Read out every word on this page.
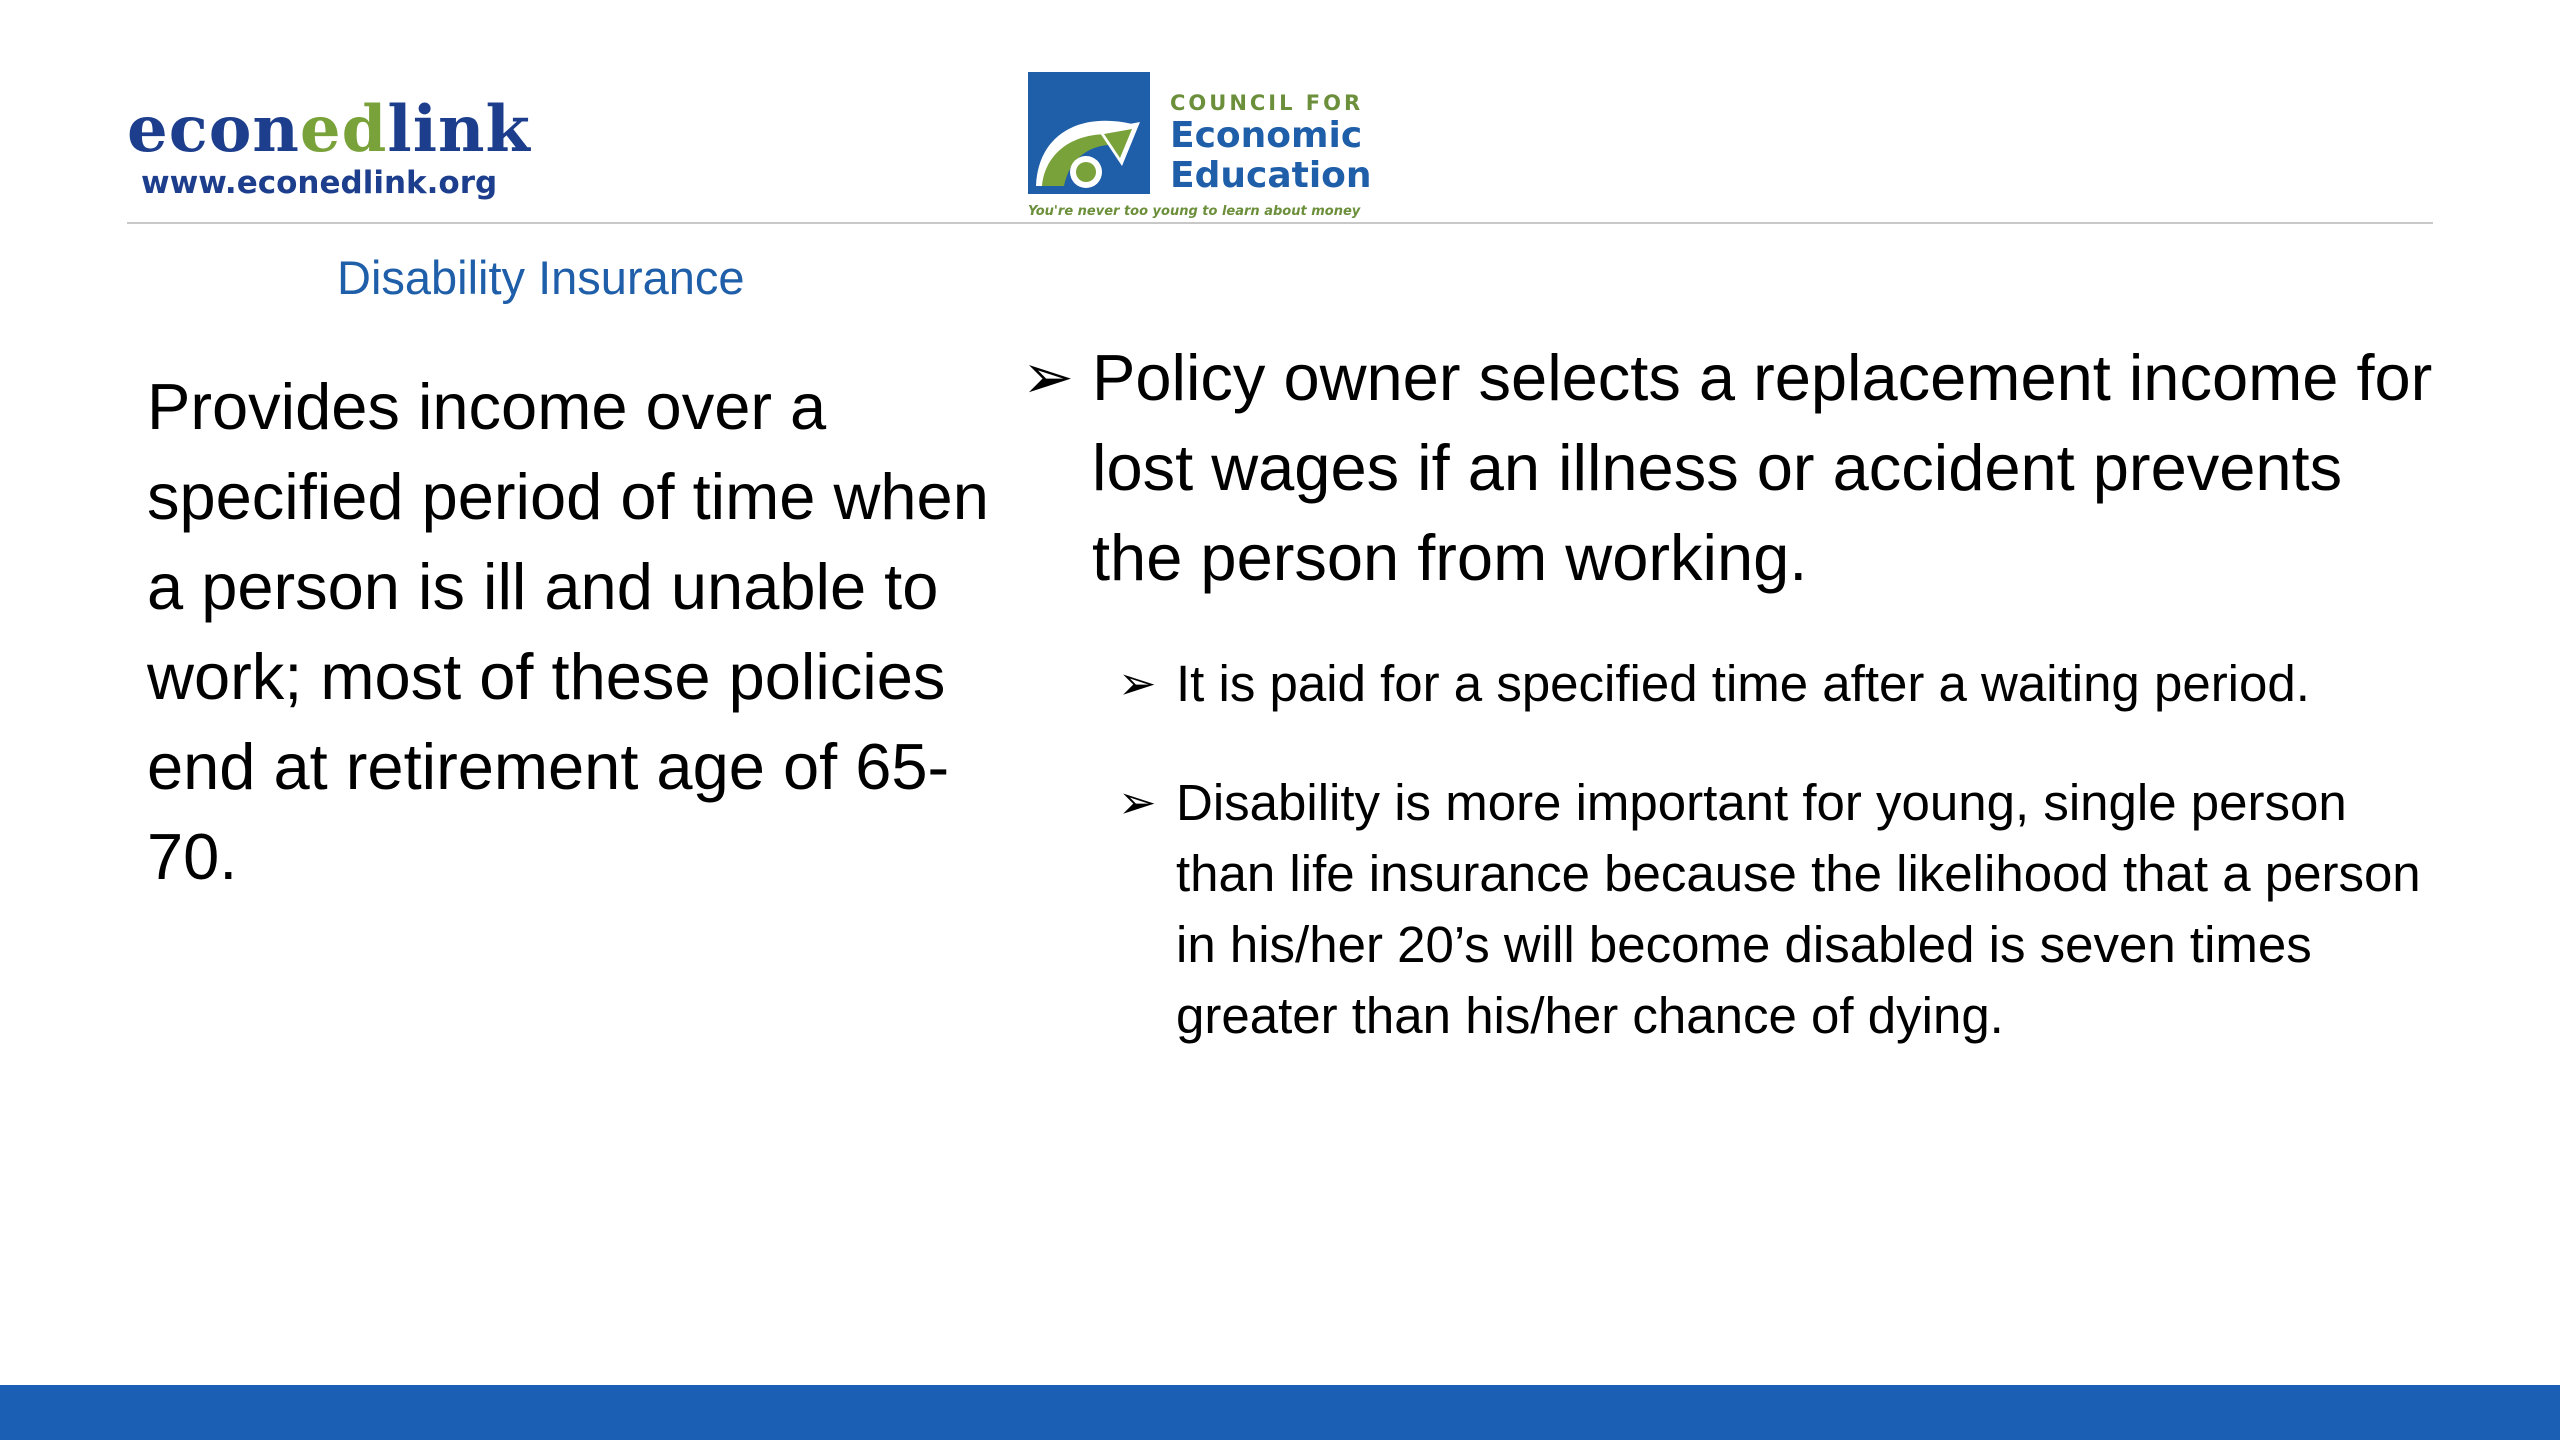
econedlink
www.econedlink.org
COUNCIL FOR
Economic
Education
You're never too young to learn about money
Disability Insurance
Provides income over a specified period of time when a person is ill and unable to work; most of these policies end at retirement age of 65-70.
➢ Policy owner selects a replacement income for lost wages if an illness or accident prevents the person from working.
➢ It is paid for a specified time after a waiting period.
➢ Disability is more important for young, single person than life insurance because the likelihood that a person in his/her 20’s will become disabled is seven times greater than his/her chance of dying.
